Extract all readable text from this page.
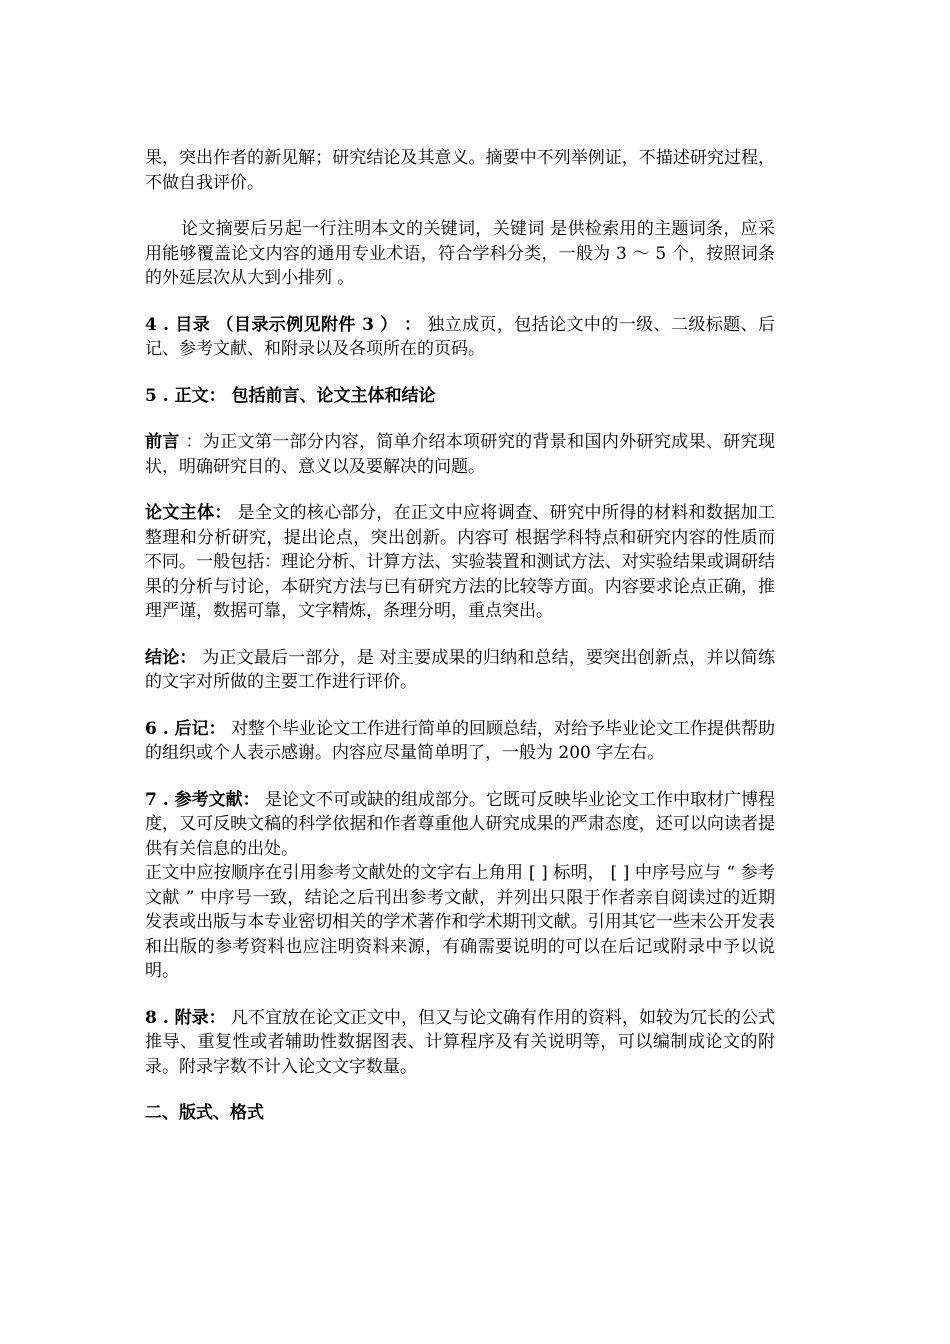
果，突出作者的新见解；研究结论及其意义。摘要中不列举例证，不描述研究过程，不做自我评价。

论文摘要后另起一行注明本文的关键词，关键词 是供检索用的主题词条，应采用能够覆盖论文内容的通用专业术语，符合学科分类，一般为 3 ～ 5 个，按照词条的外延层次从大到小排列 。

4 . 目录 （目录示例见附件 3 ） ： 独立成页，包括论文中的一级、二级标题、后记、参考文献、和附录以及各项所在的页码。

5 . 正文： 包括前言、论文主体和结论

前言 ：为正文第一部分内容，简单介绍本项研究的背景和国内外研究成果、研究现状，明确研究目的、意义以及要解决的问题。

论文主体： 是全文的核心部分，在正文中应将调查、研究中所得的材料和数据加工整理和分析研究，提出论点，突出创新。内容可 根据学科特点和研究内容的性质而不同。一般包括：理论分析、计算方法、实验装置和测试方法、对实验结果或调研结果的分析与讨论，本研究方法与已有研究方法的比较等方面。内容要求论点正确，推理严谨，数据可靠，文字精炼，条理分明，重点突出。

结论： 为正文最后一部分，是 对主要成果的归纳和总结，要突出创新点，并以简练的文字对所做的主要工作进行评价。

6 . 后记： 对整个毕业论文工作进行简单的回顾总结，对给予毕业论文工作提供帮助的组织或个人表示感谢。内容应尽量简单明了，一般为 200 字左右。

7 . 参考文献： 是论文不可或缺的组成部分。它既可反映毕业论文工作中取材广博程度，又可反映文稿的科学依据和作者尊重他人研究成果的严肃态度，还可以向读者提供有关信息的出处。

正文中应按顺序在引用参考文献处的文字右上角用 [ ] 标明， [ ] 中序号应与 “ 参考文献 ” 中序号一致，结论之后刊出参考文献，并列出只限于作者亲自阅读过的近期发表或出版与本专业密切相关的学术著作和学术期刊文献。引用其它一些未公开发表和出版的参考资料也应注明资料来源，有确需要说明的可以在后记或附录中予以说明。

8 . 附录： 凡不宜放在论文正文中，但又与论文确有作用的资料，如较为冗长的公式推导、重复性或者辅助性数据图表、计算程序及有关说明等，可以编制成论文的附录。附录字数不计入论文文字数量。

二、版式、格式
